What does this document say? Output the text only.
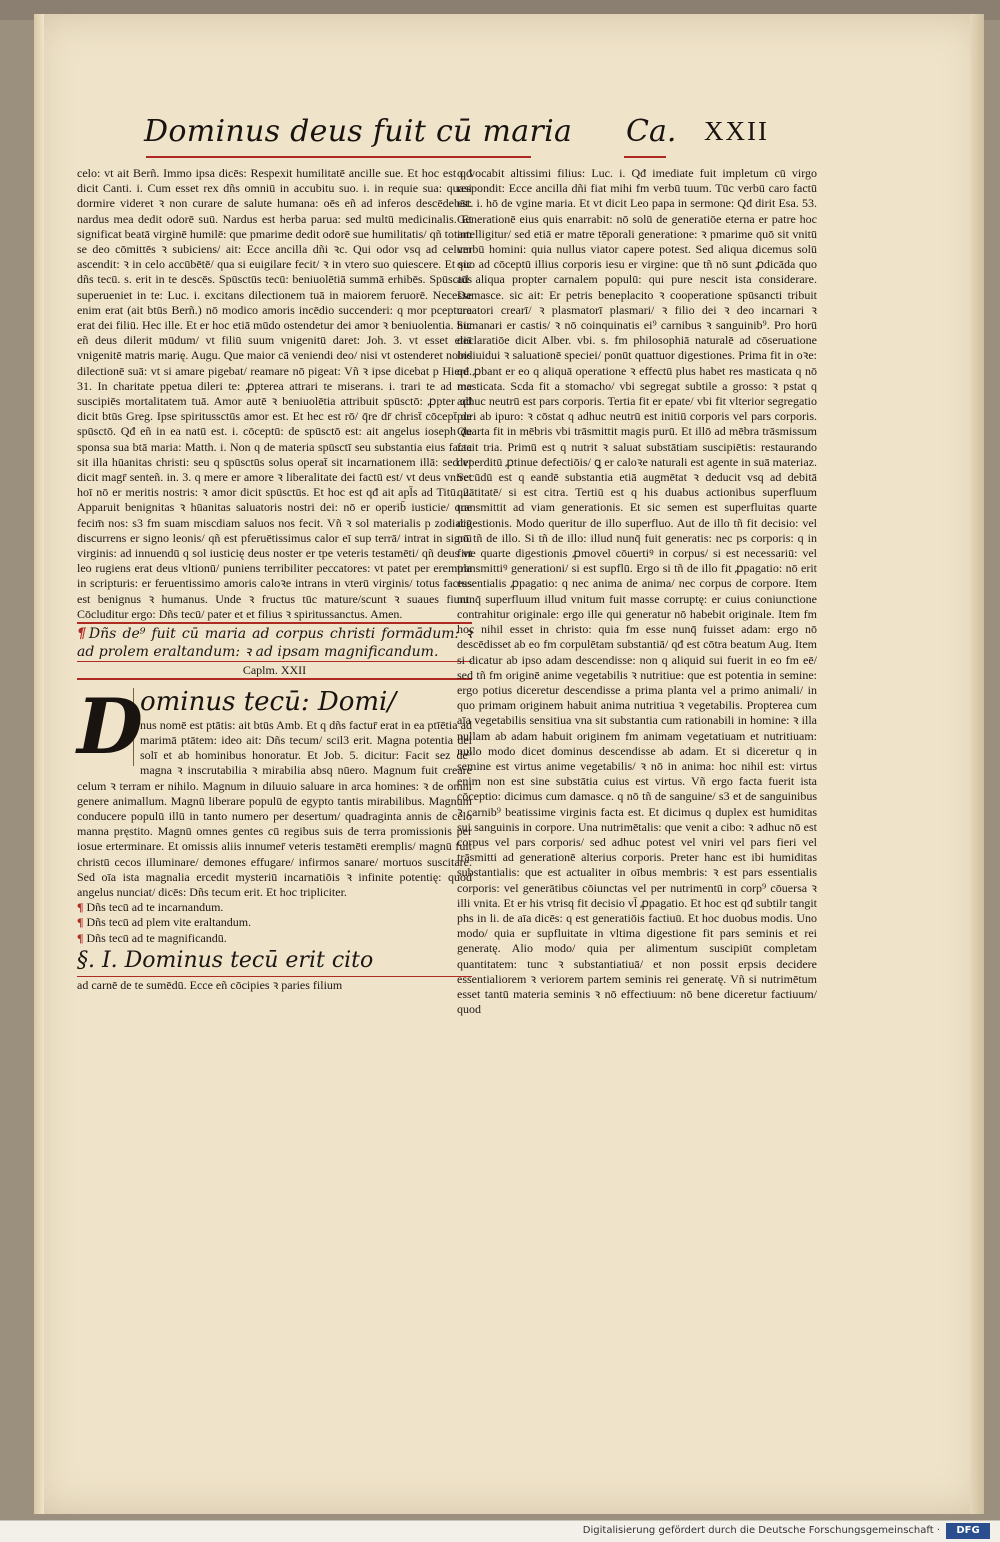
Dominus deus fuit cū maria Ca. XXII

celo: vt ait Berñ. Immo ipsa dicēs: Respexit humilitatē ancille sue. Et hoc est qđ dicit Canti. i. Cum esset rex dñs omniū in accubitu suo. i. in requie sua: quasi dormire videret ꝛ non curare de salute humana: oēs eñ ad inferos descēdebāt: nardus mea dedit odorē suū. Nardus est herba parua: sed multū medicinalis. Et significat beatā virginē humilē: que pmarime dedit odorē sue humilitatis/ qñ totam se deo cōmittēs ꝛ subiciens/ ait: Ecce ancilla dñi ꝛc. Qui odor vsq ad celum ascendit: ꝛ in celo accūbētē/ qua si euigilare fecit/ ꝛ in vtero suo quiescere. Et sic dñs tecū. s. erit in te descēs. Spūsctūs tecū: beniuolētiā summā erhibēs. Spūsctūs superueniet in te: Luc. i. excitans dilectionem tuā in maiorem feruorē. Necesse enim erat (ait btūs Berñ.) nō modico amoris incēdio succenderi: q mor pceptura erat dei filiū. Hec ille. Et er hoc etiā mūdo ostendetur dei amor ꝛ beniuolentia. Sic eñ deus dilerit mūdum/ vt filiū suum vnigenitū daret: Joh. 3. vt esset etiā vnigenitē matris marię. Augu. Que maior cā veniendi deo/ nisi vt ostenderet nobis dilectionē suā: vt si amare pigebat/ reamare nō pigeat: Vñ ꝛ ipse dicebat p Hiere. 31. In charitate ppetua dileri te: ꝓpterea attrari te miserans. i. trari te ad me suscipiēs mortalitatem tuā. Amor autē ꝛ beniuolētia attribuit spūsctō: ꝓpter qđ dicit btūs Greg. Ipse spiritussctūs amor est. Et hec est rō/ q̄re dr̄ christ̄ cōcept̄ de spūsctō. Qđ eñ in ea natū est. i. cōceptū: de spūsctō est: ait angelus ioseph de sponsa sua btā maria: Matth. i. Non q de materia spūsctī seu substantia eius facta sit illa hūanitas christi: seu q spūsctūs solus operat̄ sit incarnationem illā: sed vt dicit magr̄ senteñ. in. 3. q mere er amore ꝛ liberalitate dei factū est/ vt deus vniret hoī nō er meritis nostris: ꝛ amor dicit spūsctūs. Et hoc est qđ ait apl̄s ad Titū. 2. Apparuit benignitas ꝛ hūanitas saluatoris nostri dei: nō er operib̄ iusticie/ que fecim̄ nos: s3 fm suam miscdiam saluos nos fecit. Vñ ꝛ sol materialis p zodiacū discurrens er signo leonis/ qñ est pferuētissimus calor eī sup terrā/ intrat in signū virginis: ad innuendū q sol iusticię deus noster er tpe veteris testamēti/ qñ deus vt leo rugiens erat deus vltionū/ puniens terribiliter peccatores: vt patet per erempla in scripturis: er feruentissimo amoris caloꝛe intrans in vterū virginis/ totus factus est benignus ꝛ humanus. Unde ꝛ fructus tūc mature/scunt ꝛ suaues fiunt. Cōcluditur ergo: Dñs tecū/ pater et et filius ꝛ spiritussanctus. Amen.

¶ Dñs de⁹ fuit cū maria ad corpus christi formādum: ꝛ ad prolem eraltandum: ꝛ ad ipsam magnificandum.

Caplm. XXII

D
ominus tecū: Domi/

nus nomē est ptātis: ait btūs Amb. Et q dñs factur̄ erat in ea ptīētia ad marimā ptātem: ideo ait: Dñs tecum/ scil3 erit. Magna potentia dei solī et ab hominibus honoratur. Et Job. 5. dicitur: Facit sez de⁹ magna ꝛ inscrutabilia ꝛ mirabilia absq nūero. Magnum fuit creare celum ꝛ terram er nihilo. Magnum in diluuio saluare in arca homines: ꝛ de omni genere animallum. Magnū liberare populū de egypto tantis mirabilibus. Magnum conducere populū illū in tanto numero per desertum/ quadraginta annis de celo manna pręstito. Magnū omnes gentes cū regibus suis de terra promissionis per iosue erterminare. Et omissis aliis innumer̄ veteris testamēti eremplis/ magnū fuit christū cecos illuminare/ demones effugare/ infirmos sanare/ mortuos suscitare. Sed oīa ista magnalia ercedit mysteriū incarnatiōis ꝛ infinite potentię: quod angelus nunciat/ dicēs: Dñs tecum erit. Et hoc tripliciter.

¶ Dñs tecū ad te incarnandum.

¶ Dñs tecū ad plem vite eraltandum.

¶ Dñs tecū ad te magnificandū.

§. I. Dominus tecū erit cito

ad carnē de te sumēdū. Ecce eñ cōcipies ꝛ paries filium

q vocabit altissimi filius: Luc. i. Qđ imediate fuit impletum cū virgo respondit: Ecce ancilla dñi fiat mihi fm verbū tuum. Tūc verbū caro factū est. i. hō de vgine maria. Et vt dicit Leo papa in sermone: Qđ dirit Esa. 53. Generationē eius quis enarrabit: nō solū de generatiōe eterna er patre hoc intelligitur/ sed etiā er matre tēporali generatione: ꝛ pmarime quō sit vnitū verbū homini: quia nullus viator capere potest. Sed aliqua dicemus solū quo ad cōceptū illius corporis iesu er virgine: que tñ nō sunt ꝓdicāda quo ad aliqua propter carnalem populū: qui pure nescit ista considerare. Damasce. sic ait: Er petris beneplacito ꝛ cooperatione spūsancti tribuit creatori crearī/ ꝛ plasmatorī plasmari/ ꝛ filio dei ꝛ deo incarnari ꝛ humanari er castis/ ꝛ nō coinquinatis ei⁹ carnibus ꝛ sanguinib⁹. Pro horū declaratiōe dicit Alber. vbi. s. fm philosophiā naturalē ad cōseruatione indiuidui ꝛ saluationē speciei/ ponūt quattuor digestiones. Prima fit in oꝛe: qđ ꝓbant er eo q aliquā operatione ꝛ effectū plus habet res masticata q nō masticata. Scda fit a stomacho/ vbi segregat subtile a grosso: ꝛ pstat q adhuc neutrū est pars corporis. Tertia fit er epate/ vbi fit vlterior segregatio puri ab ipuro: ꝛ cōstat q adhuc neutrū est initiū corporis vel pars corporis. Quarta fit in mēbris vbi trāsmittit magis purū. Et illō ad mēbra trāsmissum facit tria. Primū est q nutrit ꝛ saluat substātiam suscipiētis: restaurando deperditū ꝓtinue defectiōis/ ꝗ er caloꝛe naturali est agente in suā materiaz. Secūdū est q eandē substantia etiā augmētat ꝛ deducit vsq ad debitā quātitatē/ si est citra. Tertiū est q his duabus actionibus superfluum transmittit ad viam generationis. Et sic semen est superfluitas quarte digestionis. Modo queritur de illo superfluo. Aut de illo tñ fit decisio: vel nō tñ de illo. Si tñ de illo: illud nunq̄ fuit generatis: nec ps corporis: q in fine quarte digestionis ꝓmovel cōuertiꝰ in corpus/ si est necessariū: vel transmittiꝰ generationi/ si est supflū. Ergo si tñ de illo fit ꝓpagatio: nō erit essentialis ꝓpagatio: q nec anima de anima/ nec corpus de corpore. Item nunq̄ superfluum illud vnitum fuit masse corruptę: er cuius coniunctione contrahitur originale: ergo ille qui generatur nō habebit originale. Item fm hoc nihil esset in christo: quia fm esse nunq̄ fuisset adam: ergo nō descēdisset ab eo fm corpulētam substantiā/ qđ est cōtra beatum Aug. Item si dicatur ab ipso adam descendisse: non q aliquid sui fuerit in eo fm eē/ sed tñ fm originē anime vegetabilis ꝛ nutritiue: que est potentia in semine: ergo potius diceretur descendisse a prima planta vel a primo animali/ in quo primam originem habuit anima nutritiua ꝛ vegetabilis. Propterea cum aīa vegetabilis sensitiua vna sit substantia cum rationabili in homine: ꝛ illa nullam ab adam habuit originem fm animam vegetatiuam et nutritiuam: nullo modo dicet dominus descendisse ab adam. Et si diceretur q in semine est virtus anime vegetabilis/ ꝛ nō in anima: hoc nihil est: virtus enim non est sine substātia cuius est virtus. Vñ ergo facta fuerit ista cōceptio: dicimus cum damasce. q nō tñ de sanguine/ s3 et de sanguinibus ꝛ carnib⁹ beatissime virginis facta est. Et dicimus q duplex est humiditas sui sanguinis in corpore. Una nutrimētalis: que venit a cibo: ꝛ adhuc nō est corpus vel pars corporis/ sed adhuc potest vel vniri vel pars fieri vel trāsmitti ad generationē alterius corporis. Preter hanc est ibi humiditas substantialis: que est actualiter in oībus membris: ꝛ est pars essentialis corporis: vel generātibus cōiunctas vel per nutrimentū in corp⁹ cōuersa ꝛ illi vnita. Et er his vtrisq fit decisio vl̄ ꝓpagatio. Et hoc est qđ subtilr tangit phs in li. de aīa dicēs: q est generatiōis factiuū. Et hoc duobus modis. Uno modo/ quia er supfluitate in vltima digestione fit pars seminis et rei generatę. Alio modo/ quia per alimentum suscipiūt completam quantitatem: tunc ꝛ substantiatiuā/ et non possit erpsis decidere essentialiorem ꝛ veriorem partem seminis rei generatę. Vñ si nutrimētum esset tantū materia seminis ꝛ nō effectiuum: nō bene diceretur factiuum/ quod

Digitalisierung gefördert durch die Deutsche Forschungsgemeinschaft ·	DFG
